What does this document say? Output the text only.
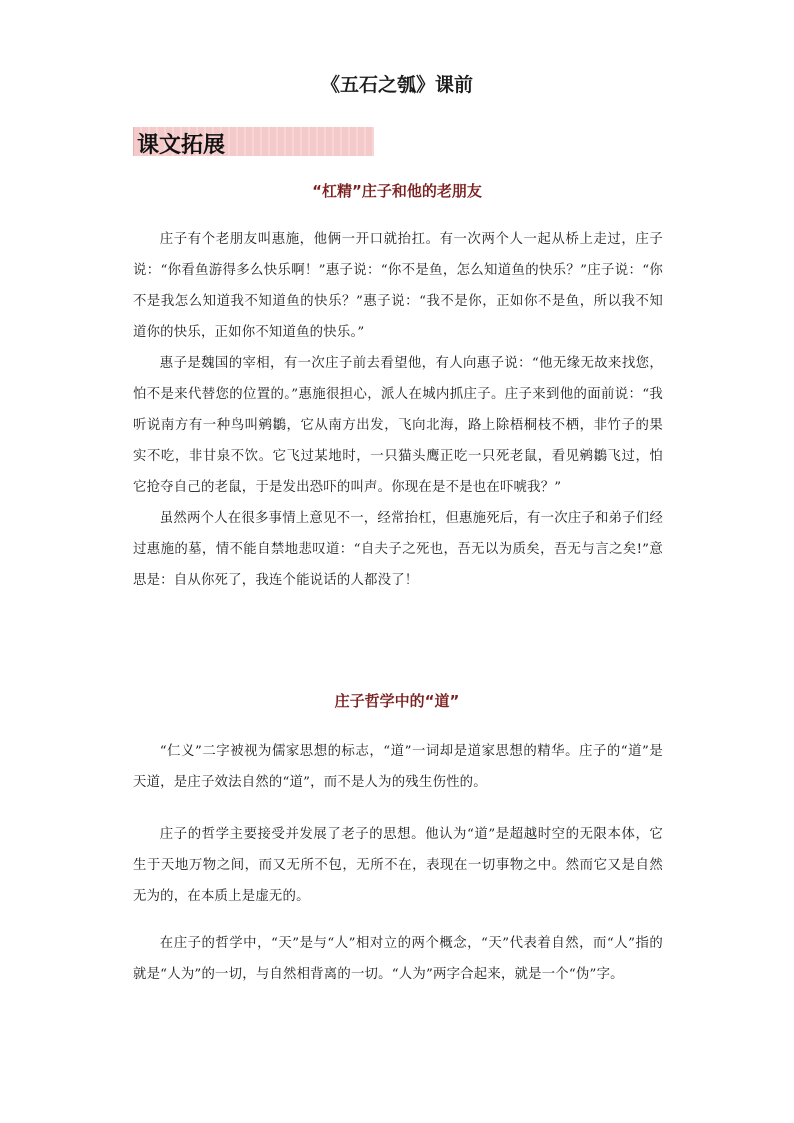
《五石之瓠》课前
课文拓展
“杠精”庄子和他的老朋友
庄子有个老朋友叫惠施，他俩一开口就抬扛。有一次两个人一起从桥上走过，庄子说：“你看鱼游得多么快乐啊！”惠子说：“你不是鱼，怎么知道鱼的快乐？”庄子说：“你不是我怎么知道我不知道鱼的快乐？”惠子说：“我不是你，正如你不是鱼，所以我不知道你的快乐，正如你不知道鱼的快乐。”
惠子是魏国的宰相，有一次庄子前去看望他，有人向惠子说：“他无缘无故来找您，怕不是来代替您的位置的。”惠施很担心，派人在城内抓庄子。庄子来到他的面前说：“我听说南方有一种鸟叫鹓鶵，它从南方出发，飞向北海，路上除梧桐枝不栖，非竹子的果实不吃，非甘泉不饮。它飞过某地时，一只猫头鹰正吃一只死老鼠，看见鹓鶵飞过，怕它抢夺自己的老鼠，于是发出恐吓的叫声。你现在是不是也在吓唬我？”
虽然两个人在很多事情上意见不一，经常抬杠，但惠施死后，有一次庄子和弟子们经过惠施的墓，情不能自禁地悲叹道：“自夫子之死也，吾无以为质矣，吾无与言之矣!”意思是：自从你死了，我连个能说话的人都没了！
庄子哲学中的“道”
“仁义”二字被视为儒家思想的标志，“道”一词却是道家思想的精华。庄子的“道”是天道，是庄子效法自然的“道”，而不是人为的残生伤性的。
庄子的哲学主要接受并发展了老子的思想。他认为“道”是超越时空的无限本体，它生于天地万物之间，而又无所不包，无所不在，表现在一切事物之中。然而它又是自然无为的，在本质上是虚无的。
在庄子的哲学中，“天”是与“人”相对立的两个概念，“天”代表着自然，而“人”指的就是“人为”的一切，与自然相背离的一切。“人为”两字合起来，就是一个“伪”字。
